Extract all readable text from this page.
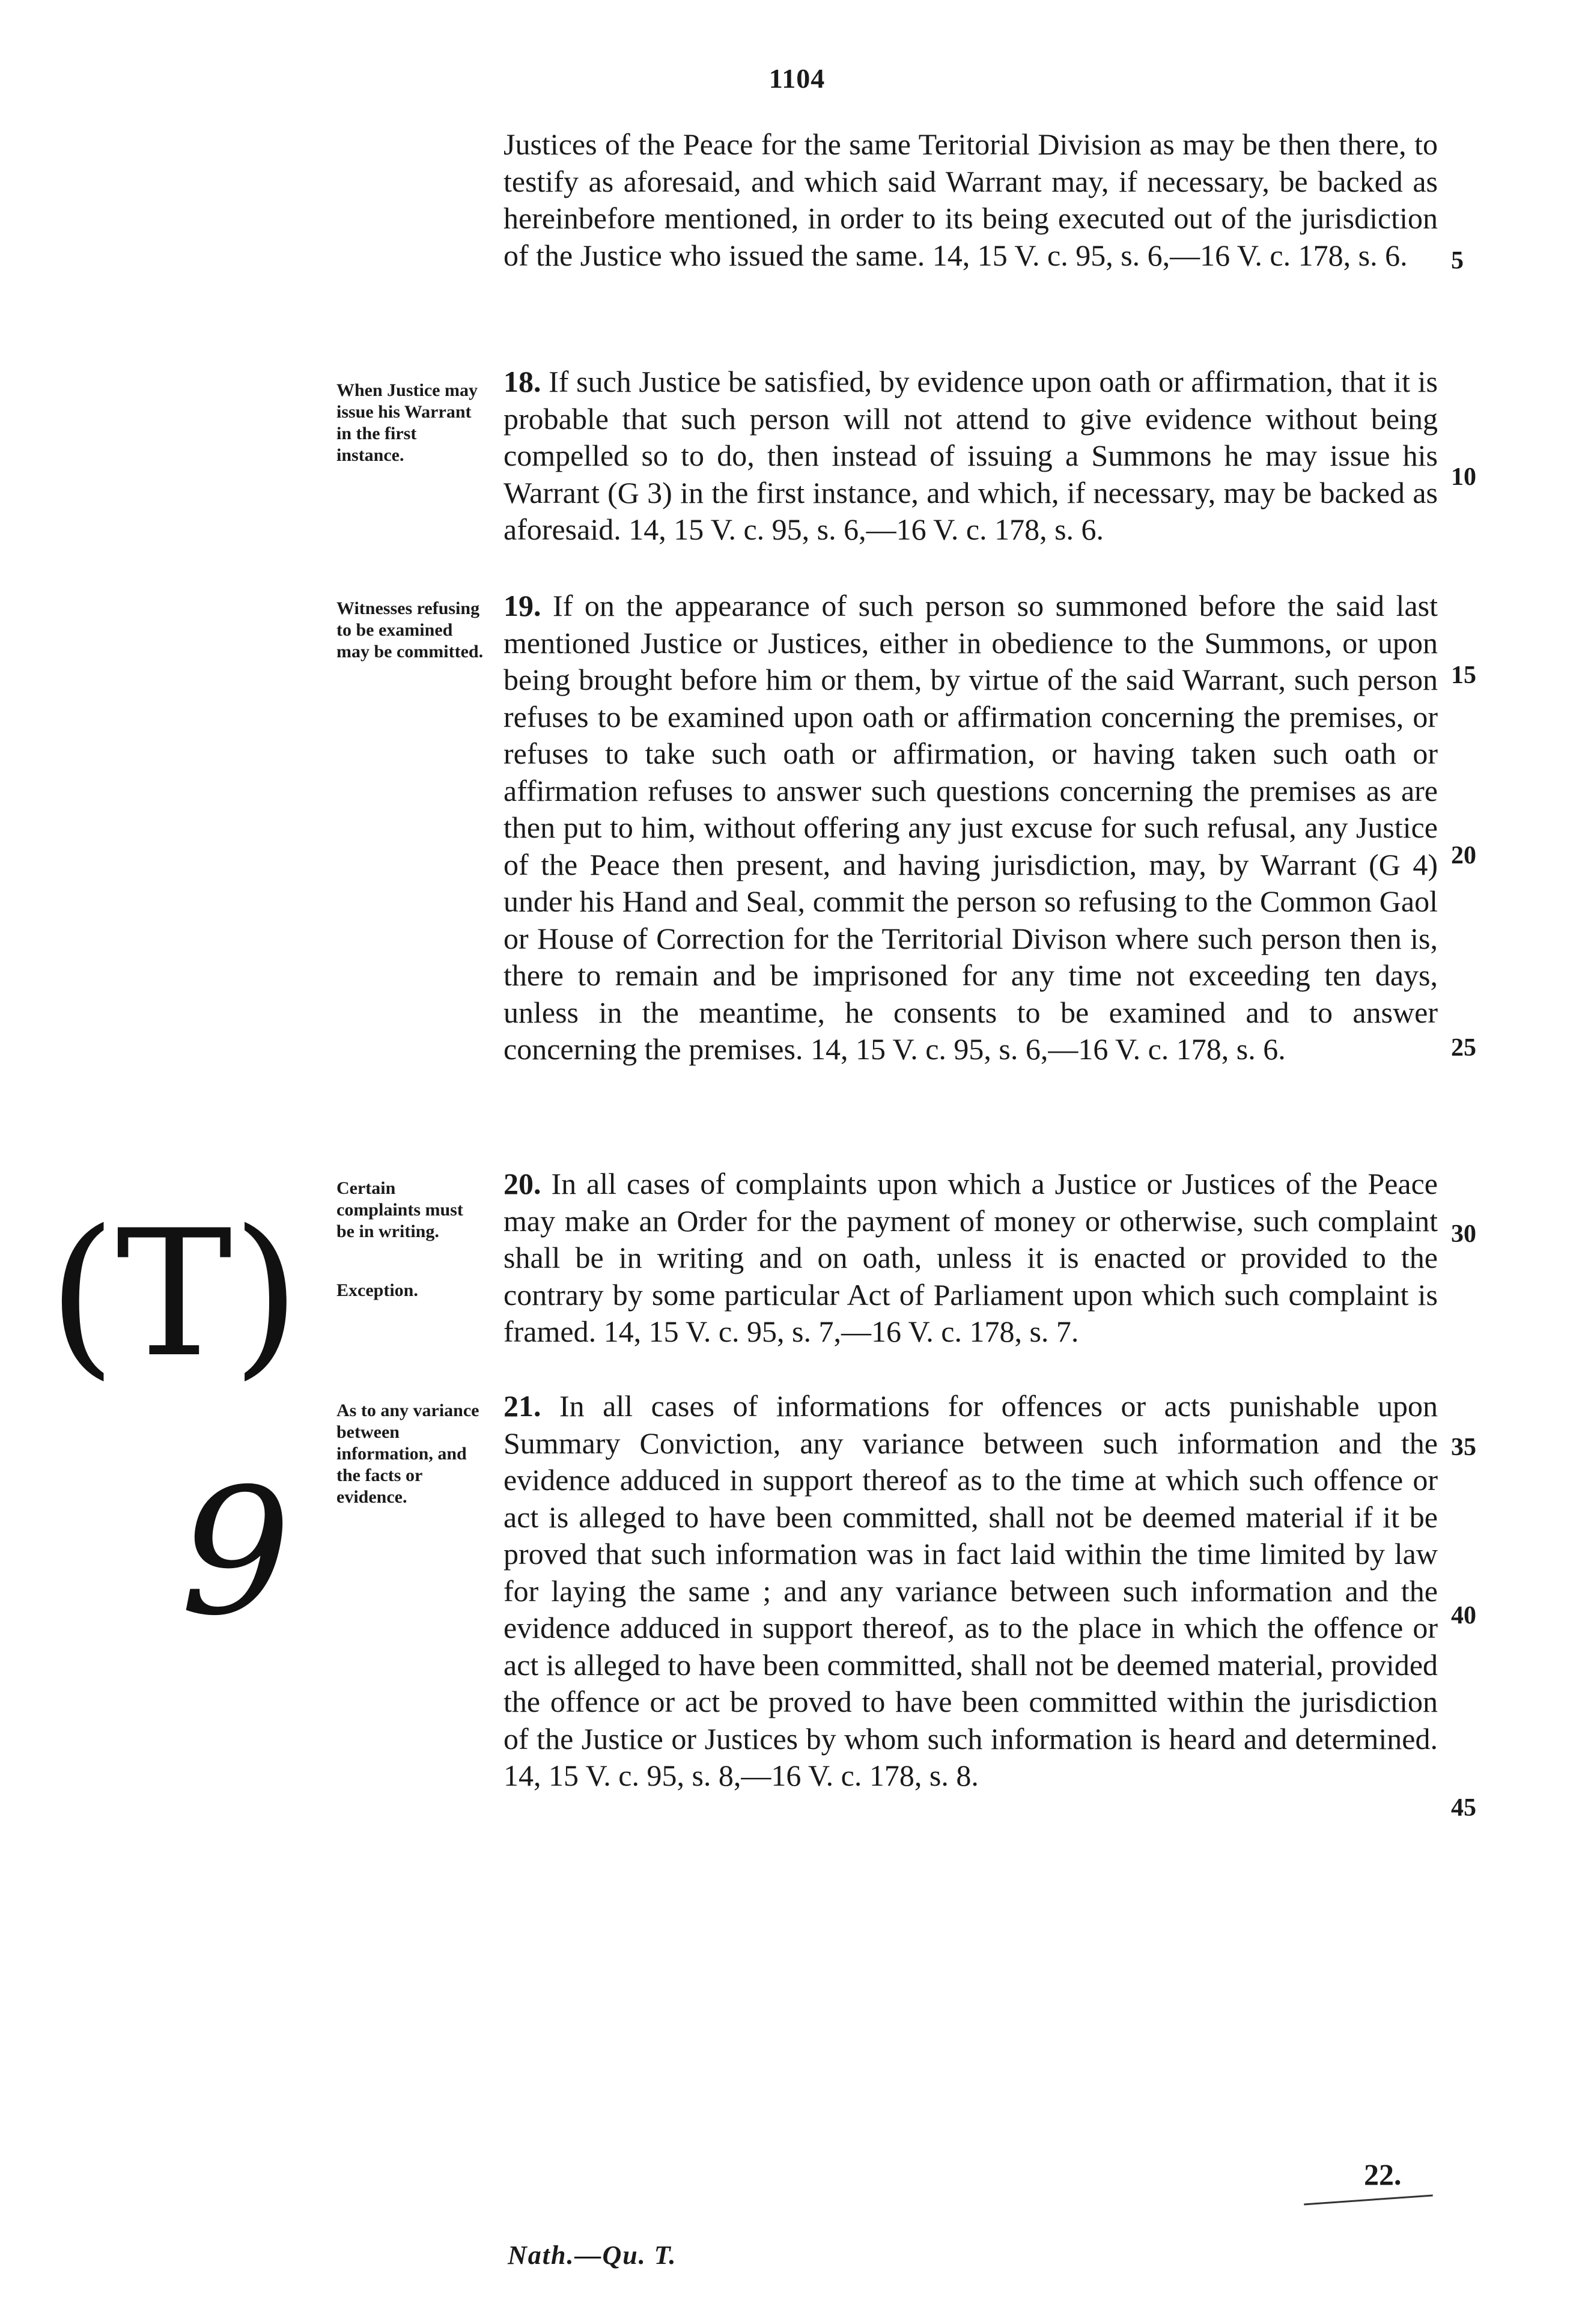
1104
Justices of the Peace for the same Teritorial Division as may be then there, to testify as aforesaid, and which said Warrant may, if necessary, be backed as hereinbefore mentioned, in order to its being executed out of the jurisdiction of the Justice who issued the same. 14, 15 V. c. 95, s. 6,—16 V. c. 178, s. 6.
When Justice may issue his Warrant in the first instance.
18. If such Justice be satisfied, by evidence upon oath or affirmation, that it is probable that such person will not attend to give evidence without being compelled so to do, then instead of issuing a Summons he may issue his Warrant (G 3) in the first instance, and which, if necessary, may be backed as aforesaid. 14, 15 V. c. 95, s. 6,—16 V. c. 178, s. 6.
Witnesses refusing to be examined may be committed.
19. If on the appearance of such person so summoned before the said last mentioned Justice or Justices, either in obedience to the Summons, or upon being brought before him or them, by virtue of the said Warrant, such person refuses to be examined upon oath or affirmation concerning the premises, or refuses to take such oath or affirmation, or having taken such oath or affirmation refuses to answer such questions concerning the premises as are then put to him, without offering any just excuse for such refusal, any Justice of the Peace then present, and having jurisdiction, may, by Warrant (G 4) under his Hand and Seal, commit the person so refusing to the Common Gaol or House of Correction for the Territorial Divison where such person then is, there to remain and be imprisoned for any time not exceeding ten days, unless in the meantime, he consents to be examined and to answer concerning the premises. 14, 15 V. c. 95, s. 6,—16 V. c. 178, s. 6.
Certain complaints must be in writing.
Exception.
20. In all cases of complaints upon which a Justice or Justices of the Peace may make an Order for the payment of money or otherwise, such complaint shall be in writing and on oath, unless it is enacted or provided to the contrary by some particular Act of Parliament upon which such complaint is framed. 14, 15 V. c. 95, s. 7,—16 V. c. 178, s. 7.
As to any variance between information, and the facts or evidence.
21. In all cases of informations for offences or acts punishable upon Summary Conviction, any variance between such information and the evidence adduced in support thereof as to the time at which such offence or act is alleged to have been committed, shall not be deemed material if it be proved that such information was in fact laid within the time limited by law for laying the same ; and any variance between such information and the evidence adduced in support thereof, as to the place in which the offence or act is alleged to have been committed, shall not be deemed material, provided the offence or act be proved to have been committed within the jurisdiction of the Justice or Justices by whom such information is heard and determined. 14, 15 V. c. 95, s. 8,—16 V. c. 178, s. 8.
5
10
15
20
25
30
35
40
45
22.
Nath.—Qu. T.
(T)
9
